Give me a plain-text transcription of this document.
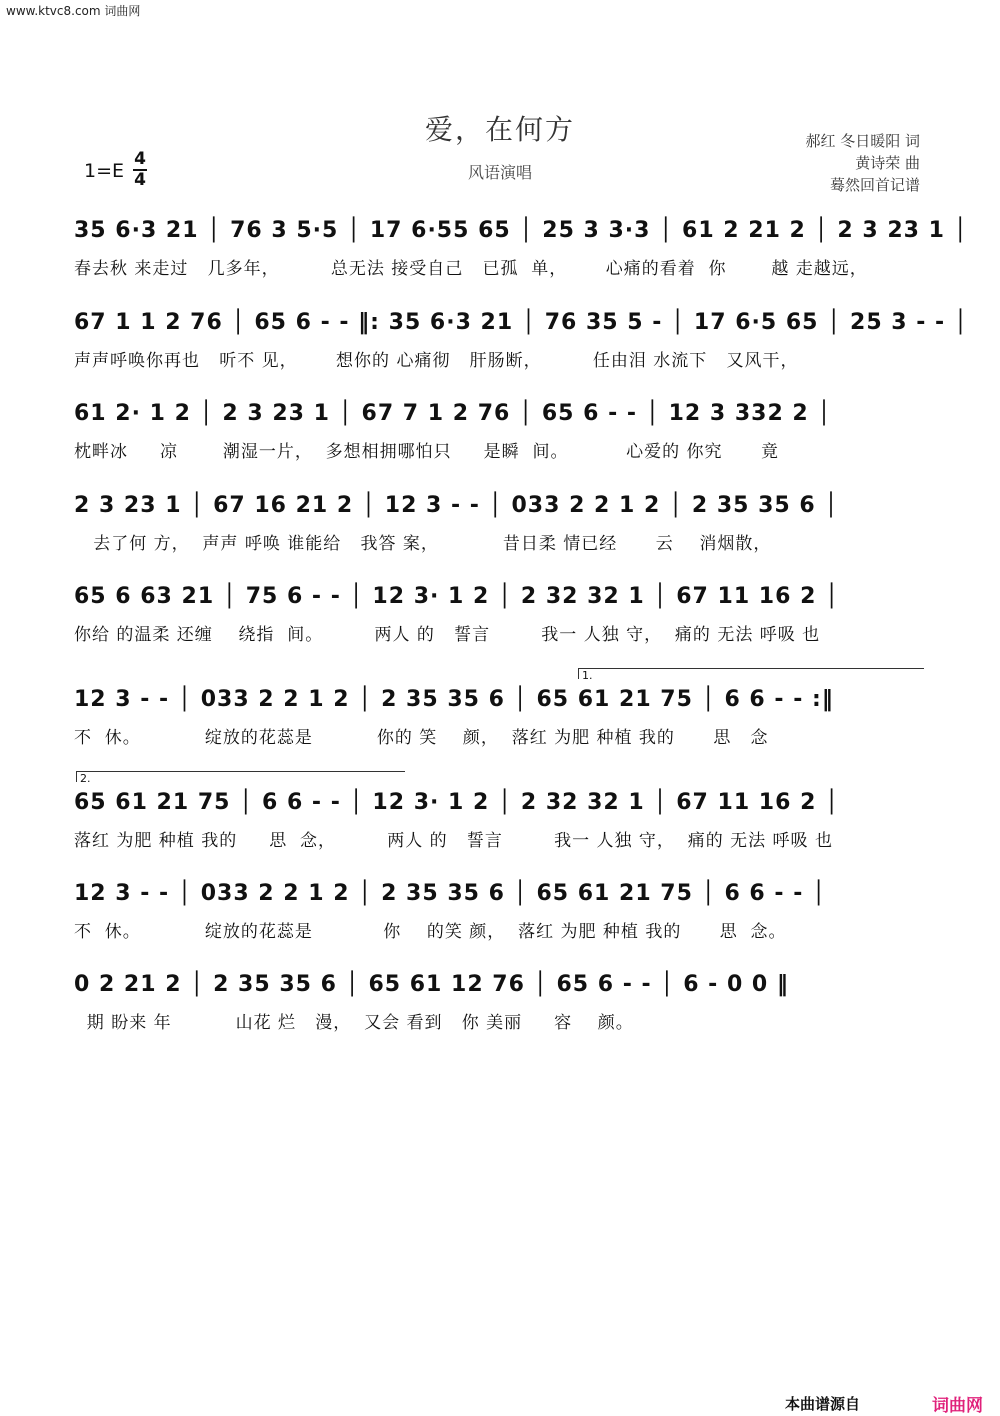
www.ktvc8.com 词曲网
爱，在何方
风语演唱
郝红 冬日暖阳 词
黄诗荣 曲
蓦然回首记谱
1=E
4
4
35 6·3 21 │ 76 3 5·5 │ 17 6·55 65 │ 25 3 3·3 │ 61 2 21 2 │ 2 3 23 1 │
春去秋 来走过   几多年，        总无法 接受自己   已孤  单，      心痛的看着  你       越 走越远，
67 1 1 2 76 │ 65 6 - - ‖: 35 6·3 21 │ 76 35 5 - │ 17 6·5 65 │ 25 3 - - │
声声呼唤你再也   听不 见，      想你的 心痛彻   肝肠断，        任由泪 水流下   又风干，
61 2· 1 2 │ 2 3 23 1 │ 67 7 1 2 76 │ 65 6 - - │ 12 3 332 2 │
枕畔冰     凉       潮湿一片，  多想相拥哪怕只     是瞬  间。         心爱的 你究      竟
2 3 23 1 │ 67 16 21 2 │ 12 3 - - │ 033 2 2 1 2 │ 2 35 35 6 │
去了何 方，  声声 呼唤 谁能给   我答 案，          昔日柔 情已经      云    消烟散，
65 6 63 21 │ 75 6 - - │ 12 3· 1 2 │ 2 32 32 1 │ 67 11 16 2 │
你给 的温柔 还缠    绕指  间。        两人 的   誓言        我一 人独 守，  痛的 无法 呼吸 也
1.
12 3 - - │ 033 2 2 1 2 │ 2 35 35 6 │ 65 61 21 75 │ 6 6 - - :‖
不  休。          绽放的花蕊是          你的 笑    颜，  落红 为肥 种植 我的      思   念
2.
65 61 21 75 │ 6 6 - - │ 12 3· 1 2 │ 2 32 32 1 │ 67 11 16 2 │
落红 为肥 种植 我的     思  念，        两人 的   誓言        我一 人独 守，  痛的 无法 呼吸 也
12 3 - - │ 033 2 2 1 2 │ 2 35 35 6 │ 65 61 21 75 │ 6 6 - - │
不  休。          绽放的花蕊是           你    的笑 颜，  落红 为肥 种植 我的      思  念。
0 2 21 2 │ 2 35 35 6 │ 65 61 12 76 │ 65 6 - - │ 6 - 0 0 ‖
期 盼来 年          山花 烂   漫，  又会 看到   你 美丽     容    颜。
本曲谱源自	词曲网
